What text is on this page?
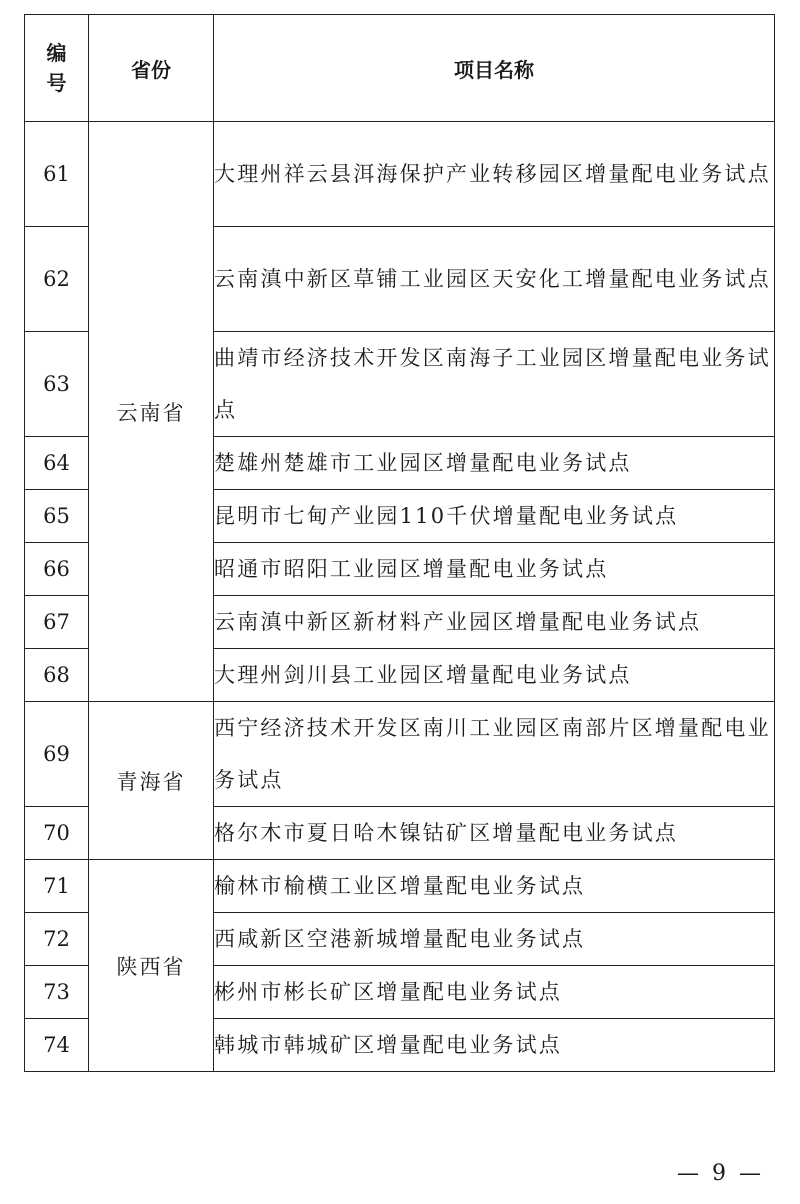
编号	省份	项目名称
61	云南省	大理州祥云县洱海保护产业转移园区增量配电业务试点
62		云南滇中新区草铺工业园区天安化工增量配电业务试点
63		曲靖市经济技术开发区南海子工业园区增量配电业务试点
64		楚雄州楚雄市工业园区增量配电业务试点
65		昆明市七甸产业园110千伏增量配电业务试点
66		昭通市昭阳工业园区增量配电业务试点
67		云南滇中新区新材料产业园区增量配电业务试点
68		大理州剑川县工业园区增量配电业务试点
69	青海省	西宁经济技术开发区南川工业园区南部片区增量配电业务试点
70		格尔木市夏日哈木镍钴矿区增量配电业务试点
71	陕西省	榆林市榆横工业区增量配电业务试点
72		西咸新区空港新城增量配电业务试点
73		彬州市彬长矿区增量配电业务试点
74		韩城市韩城矿区增量配电业务试点
— 9 —
